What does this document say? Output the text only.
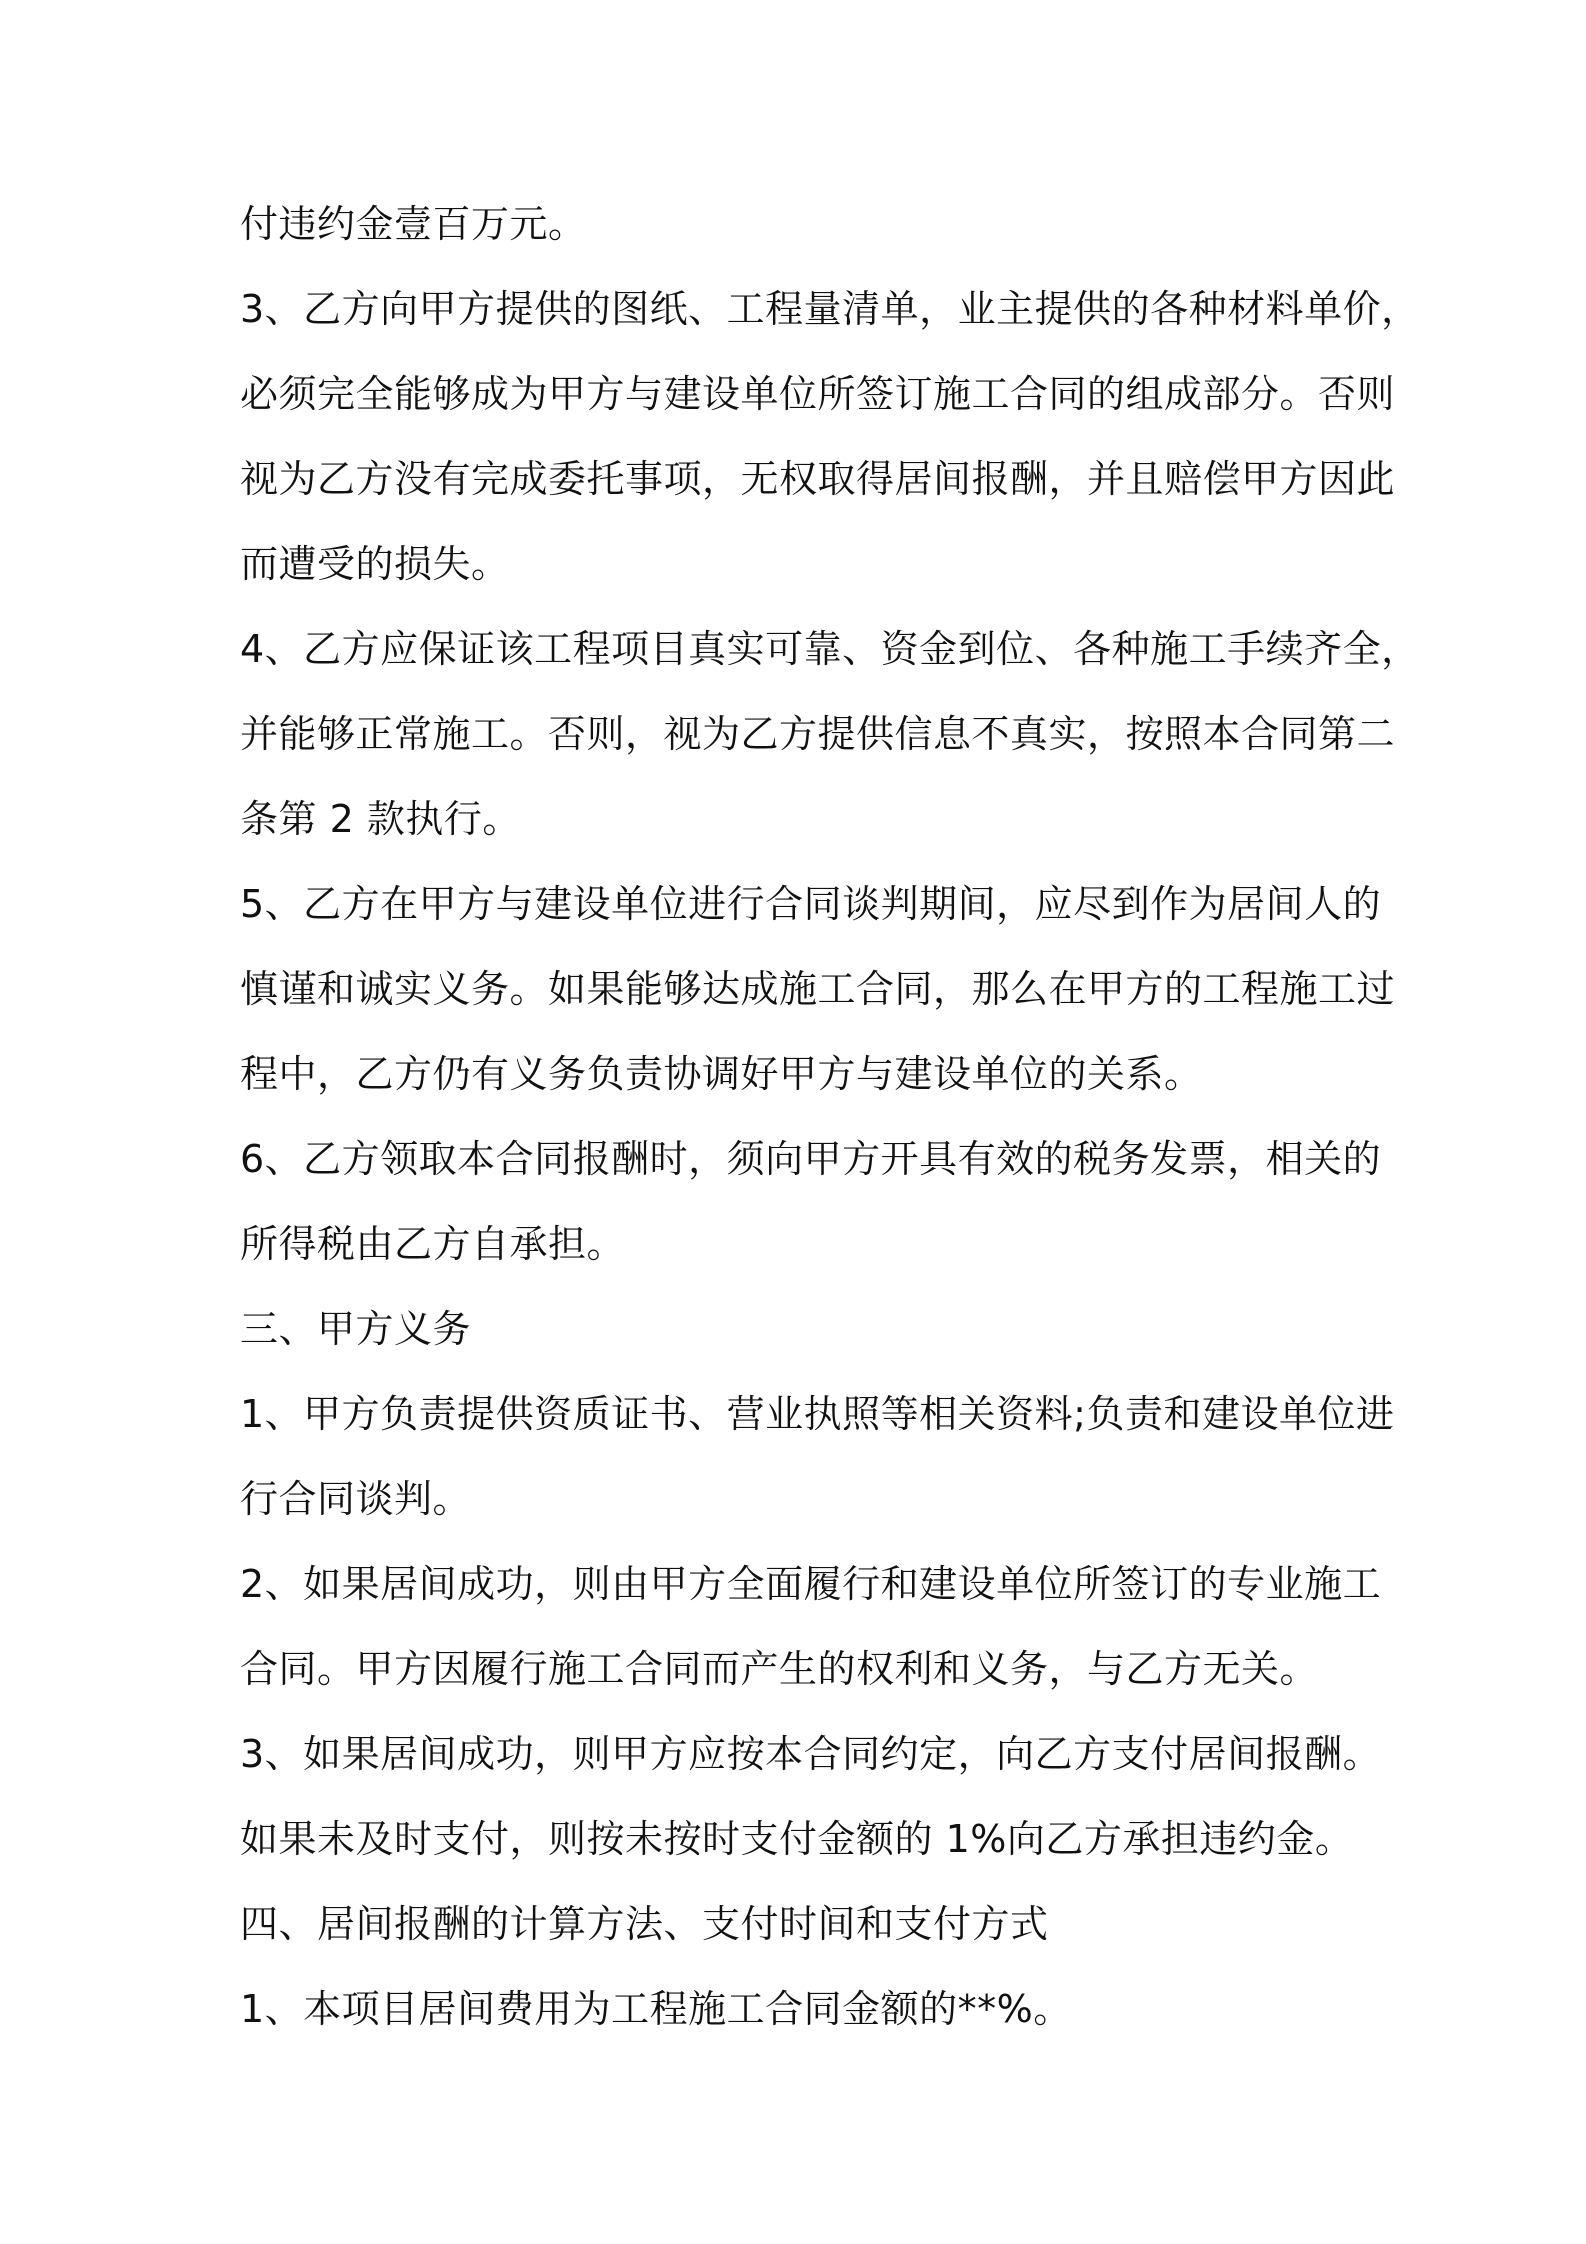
付违约金壹百万元。
3、乙方向甲方提供的图纸、工程量清单，业主提供的各种材料单价，
必须完全能够成为甲方与建设单位所签订施工合同的组成部分。否则
视为乙方没有完成委托事项，无权取得居间报酬，并且赔偿甲方因此
而遭受的损失。
4、乙方应保证该工程项目真实可靠、资金到位、各种施工手续齐全，
并能够正常施工。否则，视为乙方提供信息不真实，按照本合同第二
条第 2 款执行。
5、乙方在甲方与建设单位进行合同谈判期间，应尽到作为居间人的
慎谨和诚实义务。如果能够达成施工合同，那么在甲方的工程施工过
程中，乙方仍有义务负责协调好甲方与建设单位的关系。
6、乙方领取本合同报酬时，须向甲方开具有效的税务发票，相关的
所得税由乙方自承担。
三、甲方义务
1、甲方负责提供资质证书、营业执照等相关资料;负责和建设单位进
行合同谈判。
2、如果居间成功，则由甲方全面履行和建设单位所签订的专业施工
合同。甲方因履行施工合同而产生的权利和义务，与乙方无关。
3、如果居间成功，则甲方应按本合同约定，向乙方支付居间报酬。
如果未及时支付，则按未按时支付金额的 1%向乙方承担违约金。
四、居间报酬的计算方法、支付时间和支付方式
1、本项目居间费用为工程施工合同金额的**%。
